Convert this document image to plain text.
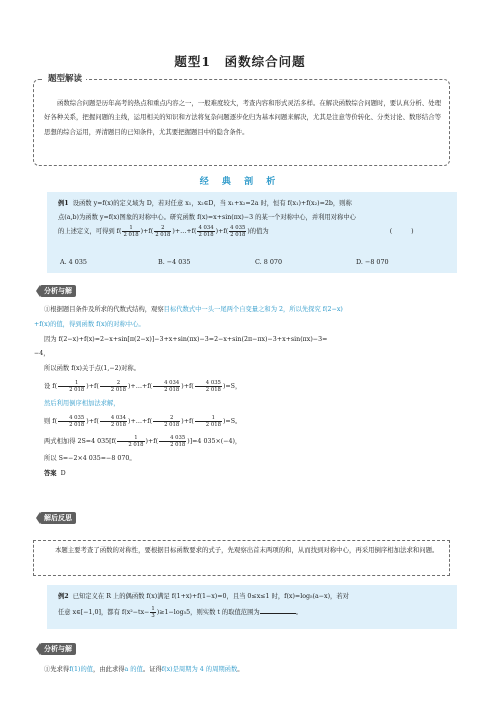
题型1　函数综合问题
题型解读
函数综合问题是历年高考的热点和重点内容之一，一般难度较大，考查内容和形式灵活多样。在解决函数综合问题时，要认真分析、处理好各种关系，把握问题的主线，运用相关的知识和方法将复杂问题逐步化归为基本问题来解决，尤其是注意等价转化、分类讨论、数形结合等思想的综合运用，弄清题目的已知条件，尤其要把握题目中的隐含条件。
经 典 剖 析
例1 设函数 y=f(x)的定义域为 D，若对任意 x₁，x₂∈D，当 x₁+x₂=2a 时，恒有 f(x₁)+f(x₂)=2b，则称
点(a,b)为函数 y=f(x)图象的对称中心。研究函数 f(x)=x+sin(πx)−3 的某一个对称中心，并利用对称中心
的上述定义，可得到 $f( \frac{1}{2 018} )+f( \frac{2}{2 018}$ )+…+f( $\frac{4 034}{2 018} )+f( \frac{4 035}{2 018}$ )的值为	(　　　)
A. 4 035	B. −4 035	C. 8 070	D. −8 070
分析与解
①根据题目条件及所求的代数式结构，观察目标代数式中一头一尾两个自变量之和为 2，所以先探究 f(2−x)
+f(x)的值，得到函数 f(x)的对称中心。
因为 f(2−x)+f(x)=2−x+sin[π(2−x)]−3+x+sin(πx)−3=2−x+sin(2π−πx)−3+x+sin(πx)−3=
−4，
所以函数 f(x)关于点(1,−2)对称。
设 $f( \frac{1}{2 018} )+f( \frac{2}{2 018}$ )+…+f( $\frac{4 034}{2 018} )+f( \frac{4 035}{2 018} )=S$，
然后利用倒序相加法求解，
则 $f( \frac{4 035}{2 018} )+f( \frac{4 034}{2 018}$ )+…+f( $\frac{2}{2 018} )+f( \frac{1}{2 018} )=S$。
两式相加得 2S=4 $035[f( \frac{1}{2 018} )+f( \frac{4 035}{2 018} )]=4$ 035×(−4)，
所以 S=−2×4 035=−8 070。
答案 D
解后反思
本题主要考查了函数的对称性，要根据目标函数要求的式子，先观察出首末两项的和，从而找到对称中心，再采用倒序相加法求和问题。
例2 已知定义在 R 上的偶函数 f(x)满足 f(1+x)+f(1−x)=0，且当 0≤x≤1 时，f(x)=log₅(a−x)，若对
任意 x∈[−1,0]，都有 $f(x^2-tx- \frac{1}{3} )\ge 1-\log_55$，则实数 t 的取值范围为	。
分析与解
①先求得f(1)的值，由此求得a 的值。证得f(x)是周期为 4 的周期函数。
